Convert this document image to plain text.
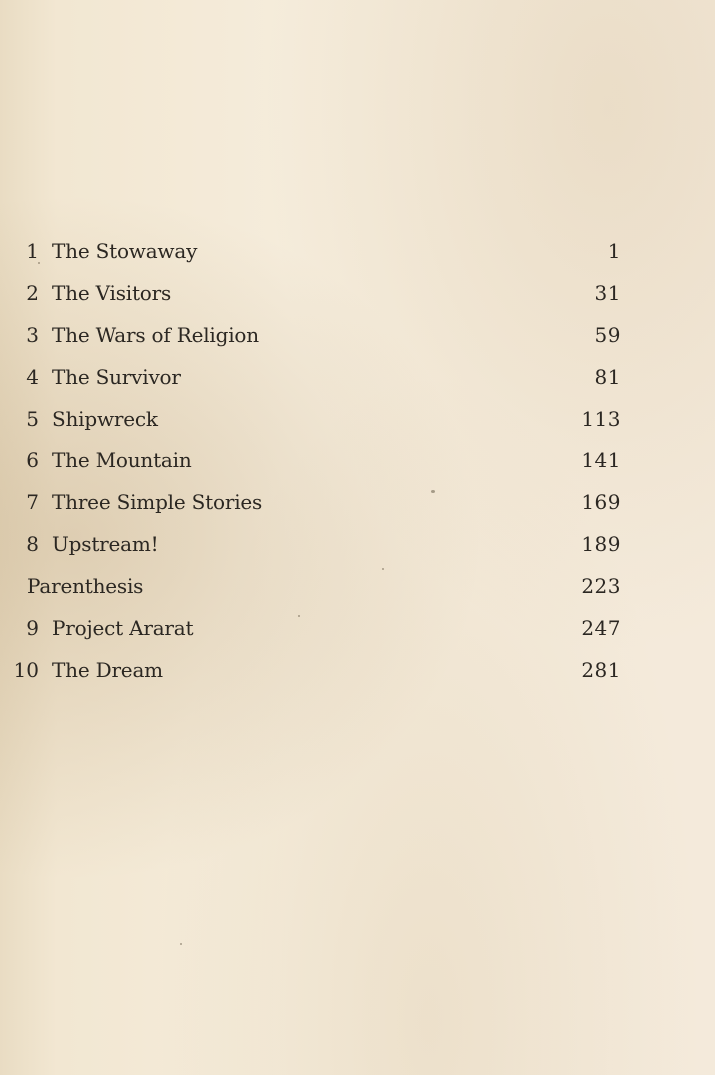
1 The Stowaway	1
2 The Visitors	31
3 The Wars of Religion	59
4 The Survivor	81
5 Shipwreck	113
6 The Mountain	141
7 Three Simple Stories	169
8 Upstream!	189
Parenthesis	223
9 Project Ararat	247
10 The Dream	281
